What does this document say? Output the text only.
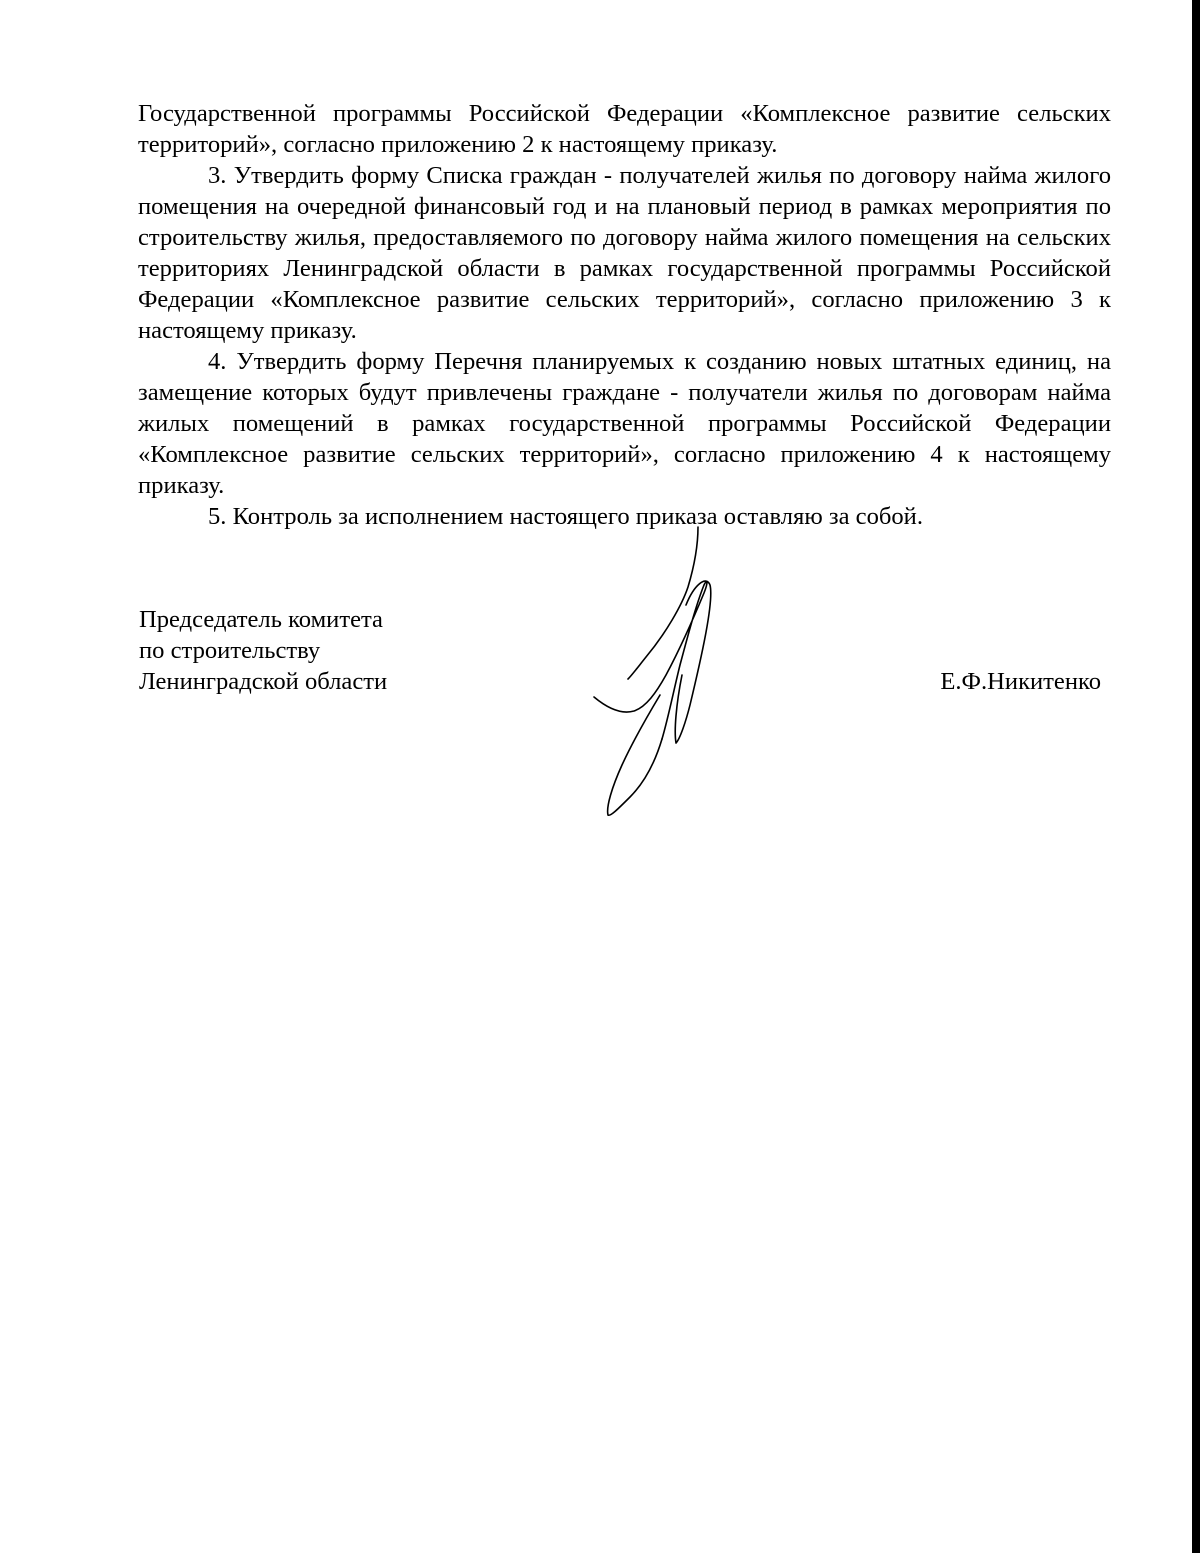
Государственной программы Российской Федерации «Комплексное развитие сельских территорий», согласно приложению 2 к настоящему приказу.

3. Утвердить форму Списка граждан - получателей жилья по договору найма жилого помещения на очередной финансовый год и на плановый период в рамках мероприятия по строительству жилья, предоставляемого по договору найма жилого помещения на сельских территориях Ленинградской области в рамках государственной программы Российской Федерации «Комплексное развитие сельских территорий», согласно приложению 3 к настоящему приказу.

4. Утвердить форму Перечня планируемых к созданию новых штатных единиц, на замещение которых будут привлечены граждане - получатели жилья по договорам найма жилых помещений в рамках государственной программы Российской Федерации «Комплексное развитие сельских территорий», согласно приложению 4 к настоящему приказу.

5. Контроль за исполнением настоящего приказа оставляю за собой.

Председатель комитета
по строительству
Ленинградской области	Е.Ф.Никитенко
